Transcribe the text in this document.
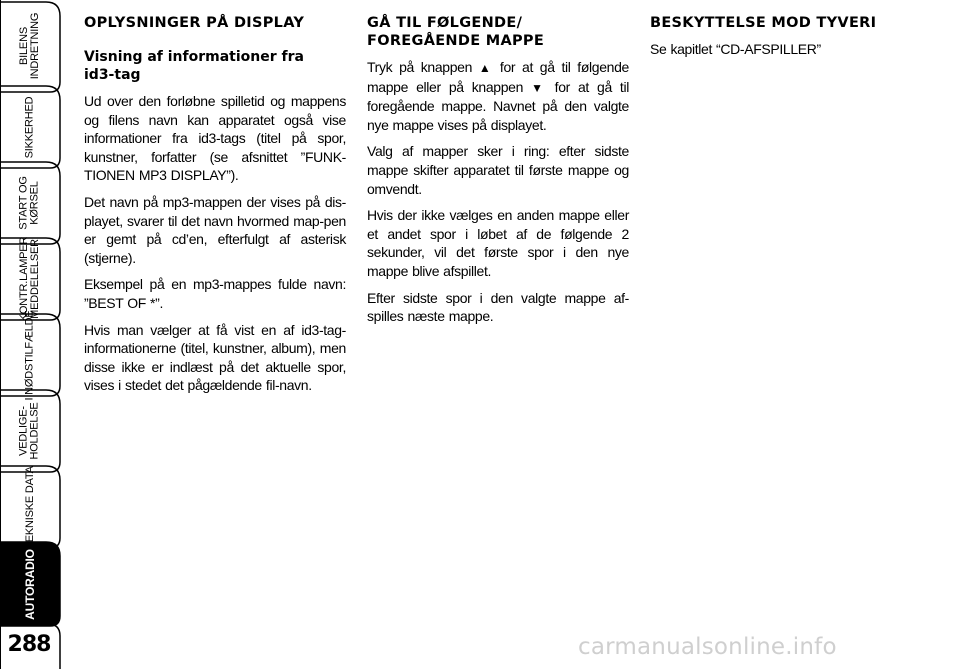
BILENS
INDRETNING
SIKKERHED
START OG
KØRSEL
KONTR.LAMPER
MEDDELELSER
I NØDSTILFÆLDE
VEDLIGE-
HOLDELSE
TEKNISKE DATA
AUTORADIO
288
OPLYSNINGER PÅ DISPLAY
Visning af informationer fra
id3-tag

Ud over den forløbne spilletid og mappens og filens navn kan apparatet også vise informationer fra id3-tags (titel på spor, kunstner, forfatter (se afsnittet ”FUNK-TIONEN MP3 DISPLAY”).

Det navn på mp3-mappen der vises på dis-playet, svarer til det navn hvormed map-pen er gemt på cd’en, efterfulgt af asterisk (stjerne).

Eksempel på en mp3-mappes fulde navn: ”BEST OF *”.

Hvis man vælger at få vist en af id3-tag-informationerne (titel, kunstner, album), men disse ikke er indlæst på det aktuelle spor, vises i stedet det pågældende fil-navn.

GÅ TIL FØLGENDE/
FOREGÅENDE MAPPE

Tryk på knappen ▲ for at gå til følgende mappe eller på knappen ▼ for at gå til foregående mappe. Navnet på den valgte nye mappe vises på displayet.

Valg af mapper sker i ring: efter sidste mappe skifter apparatet til første mappe og omvendt.

Hvis der ikke vælges en anden mappe eller et andet spor i løbet af de følgende 2 sekunder, vil det første spor i den nye mappe blive afspillet.

Efter sidste spor i den valgte mappe af-spilles næste mappe.

BESKYTTELSE MOD TYVERI

Se kapitlet “CD-AFSPILLER”

carmanualsonline.info
